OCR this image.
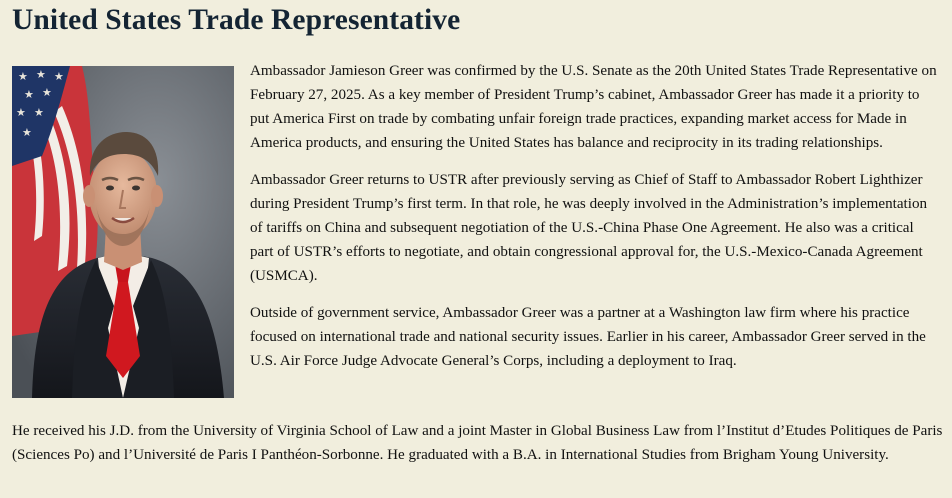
United States Trade Representative
★ ★ ★
★ ★
★ ★
★

Ambassador Jamieson Greer was confirmed by the U.S. Senate as the 20th United States Trade Representative on February 27, 2025. As a key member of President Trump’s cabinet, Ambassador Greer has made it a priority to put America First on trade by combating unfair foreign trade practices, expanding market access for Made in America products, and ensuring the United States has balance and reciprocity in its trading relationships.

Ambassador Greer returns to USTR after previously serving as Chief of Staff to Ambassador Robert Lighthizer during President Trump’s first term. In that role, he was deeply involved in the Administration’s implementation of tariffs on China and subsequent negotiation of the U.S.-China Phase One Agreement. He also was a critical part of USTR’s efforts to negotiate, and obtain congressional approval for, the U.S.-Mexico-Canada Agreement (USMCA).

Outside of government service, Ambassador Greer was a partner at a Washington law firm where his practice focused on international trade and national security issues. Earlier in his career, Ambassador Greer served in the U.S. Air Force Judge Advocate General’s Corps, including a deployment to Iraq.

He received his J.D. from the University of Virginia School of Law and a joint Master in Global Business Law from l’Institut d’Etudes Politiques de Paris (Sciences Po) and l’Université de Paris I Panthéon-Sorbonne. He graduated with a B.A. in International Studies from Brigham Young University.
